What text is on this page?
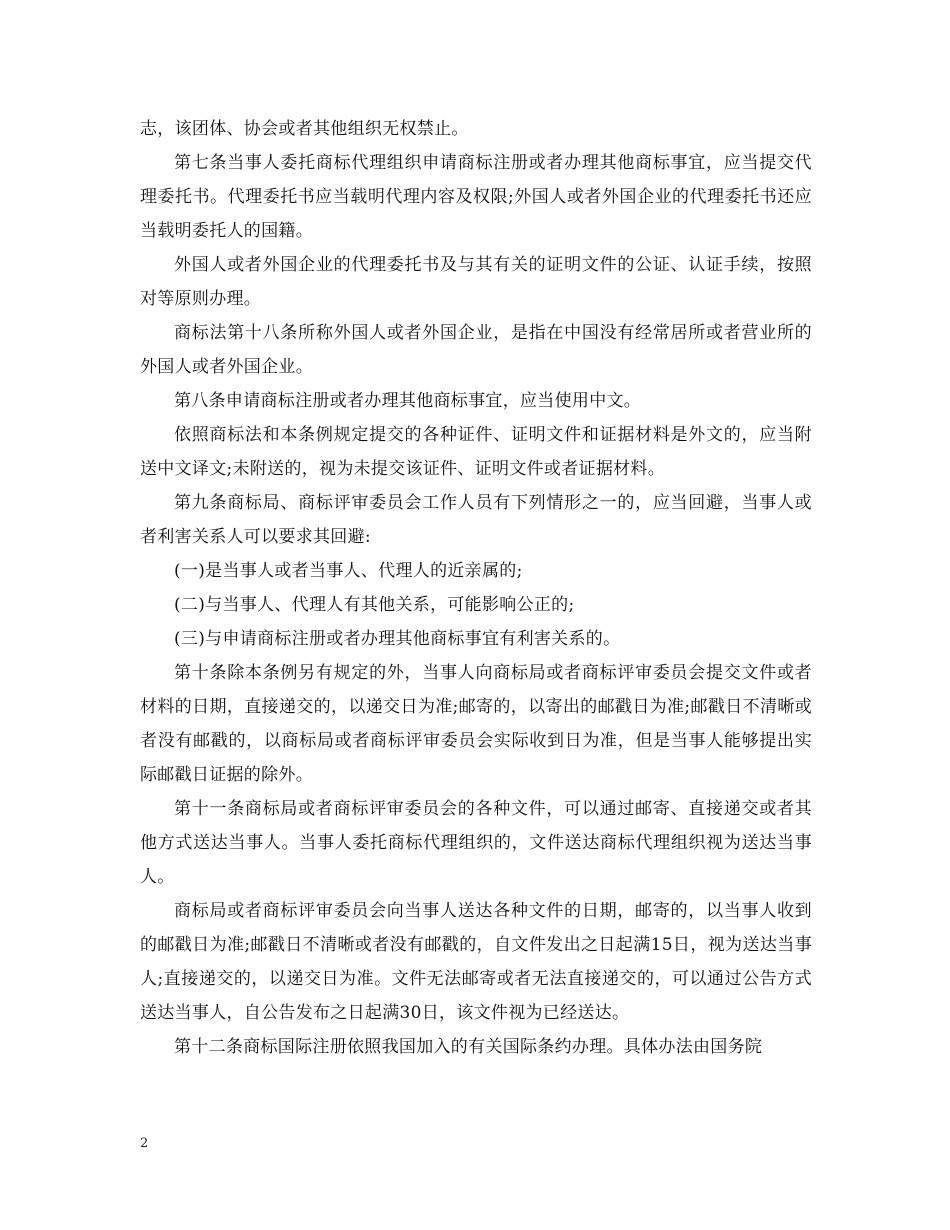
志，该团体、协会或者其他组织无权禁止。

第七条当事人委托商标代理组织申请商标注册或者办理其他商标事宜，应当提交代理委托书。代理委托书应当载明代理内容及权限;外国人或者外国企业的代理委托书还应当载明委托人的国籍。

外国人或者外国企业的代理委托书及与其有关的证明文件的公证、认证手续，按照对等原则办理。

商标法第十八条所称外国人或者外国企业，是指在中国没有经常居所或者营业所的外国人或者外国企业。

第八条申请商标注册或者办理其他商标事宜，应当使用中文。

依照商标法和本条例规定提交的各种证件、证明文件和证据材料是外文的，应当附送中文译文;未附送的，视为未提交该证件、证明文件或者证据材料。

第九条商标局、商标评审委员会工作人员有下列情形之一的，应当回避，当事人或者利害关系人可以要求其回避:

(一)是当事人或者当事人、代理人的近亲属的;

(二)与当事人、代理人有其他关系，可能影响公正的;

(三)与申请商标注册或者办理其他商标事宜有利害关系的。

第十条除本条例另有规定的外，当事人向商标局或者商标评审委员会提交文件或者材料的日期，直接递交的，以递交日为准;邮寄的，以寄出的邮戳日为准;邮戳日不清晰或者没有邮戳的，以商标局或者商标评审委员会实际收到日为准，但是当事人能够提出实际邮戳日证据的除外。

第十一条商标局或者商标评审委员会的各种文件，可以通过邮寄、直接递交或者其他方式送达当事人。当事人委托商标代理组织的，文件送达商标代理组织视为送达当事人。

商标局或者商标评审委员会向当事人送达各种文件的日期，邮寄的，以当事人收到的邮戳日为准;邮戳日不清晰或者没有邮戳的，自文件发出之日起满15日，视为送达当事人;直接递交的，以递交日为准。文件无法邮寄或者无法直接递交的，可以通过公告方式送达当事人，自公告发布之日起满30日，该文件视为已经送达。

第十二条商标国际注册依照我国加入的有关国际条约办理。具体办法由国务院

2
